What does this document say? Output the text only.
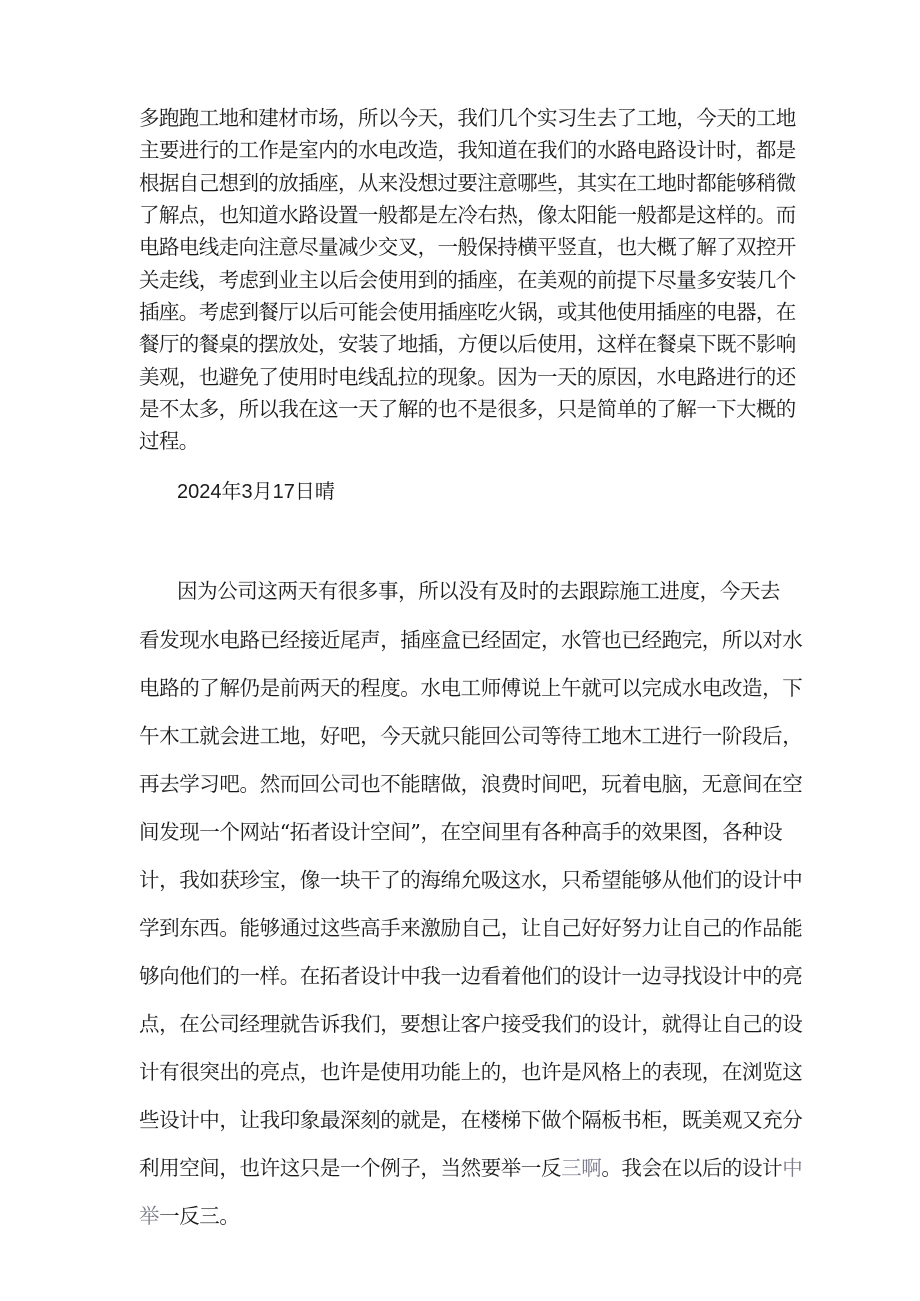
多跑跑工地和建材市场，所以今天，我们几个实习生去了工地，今天的工地
主要进行的工作是室内的水电改造，我知道在我们的水路电路设计时，都是
根据自己想到的放插座，从来没想过要注意哪些，其实在工地时都能够稍微
了解点，也知道水路设置一般都是左冷右热，像太阳能一般都是这样的。而
电路电线走向注意尽量减少交叉，一般保持横平竖直，也大概了解了双控开
关走线，考虑到业主以后会使用到的插座，在美观的前提下尽量多安装几个
插座。考虑到餐厅以后可能会使用插座吃火锅，或其他使用插座的电器，在
餐厅的餐桌的摆放处，安装了地插，方便以后使用，这样在餐桌下既不影响
美观，也避免了使用时电线乱拉的现象。因为一天的原因，水电路进行的还
是不太多，所以我在这一天了解的也不是很多，只是简单的了解一下大概的
过程。
2024年3月17日晴
因为公司这两天有很多事，所以没有及时的去跟踪施工进度，今天去
看发现水电路已经接近尾声，插座盒已经固定，水管也已经跑完，所以对水
电路的了解仍是前两天的程度。水电工师傅说上午就可以完成水电改造，下
午木工就会进工地，好吧，今天就只能回公司等待工地木工进行一阶段后，
再去学习吧。然而回公司也不能瞎做，浪费时间吧，玩着电脑，无意间在空
间发现一个网站“拓者设计空间”，在空间里有各种高手的效果图，各种设
计，我如获珍宝，像一块干了的海绵允吸这水，只希望能够从他们的设计中
学到东西。能够通过这些高手来激励自己，让自己好好努力让自己的作品能
够向他们的一样。在拓者设计中我一边看着他们的设计一边寻找设计中的亮
点，在公司经理就告诉我们，要想让客户接受我们的设计，就得让自己的设
计有很突出的亮点，也许是使用功能上的，也许是风格上的表现，在浏览这
些设计中，让我印象最深刻的就是，在楼梯下做个隔板书柜，既美观又充分
利用空间，也许这只是一个例子，当然要举一反三啊。我会在以后的设计中
举一反三。
